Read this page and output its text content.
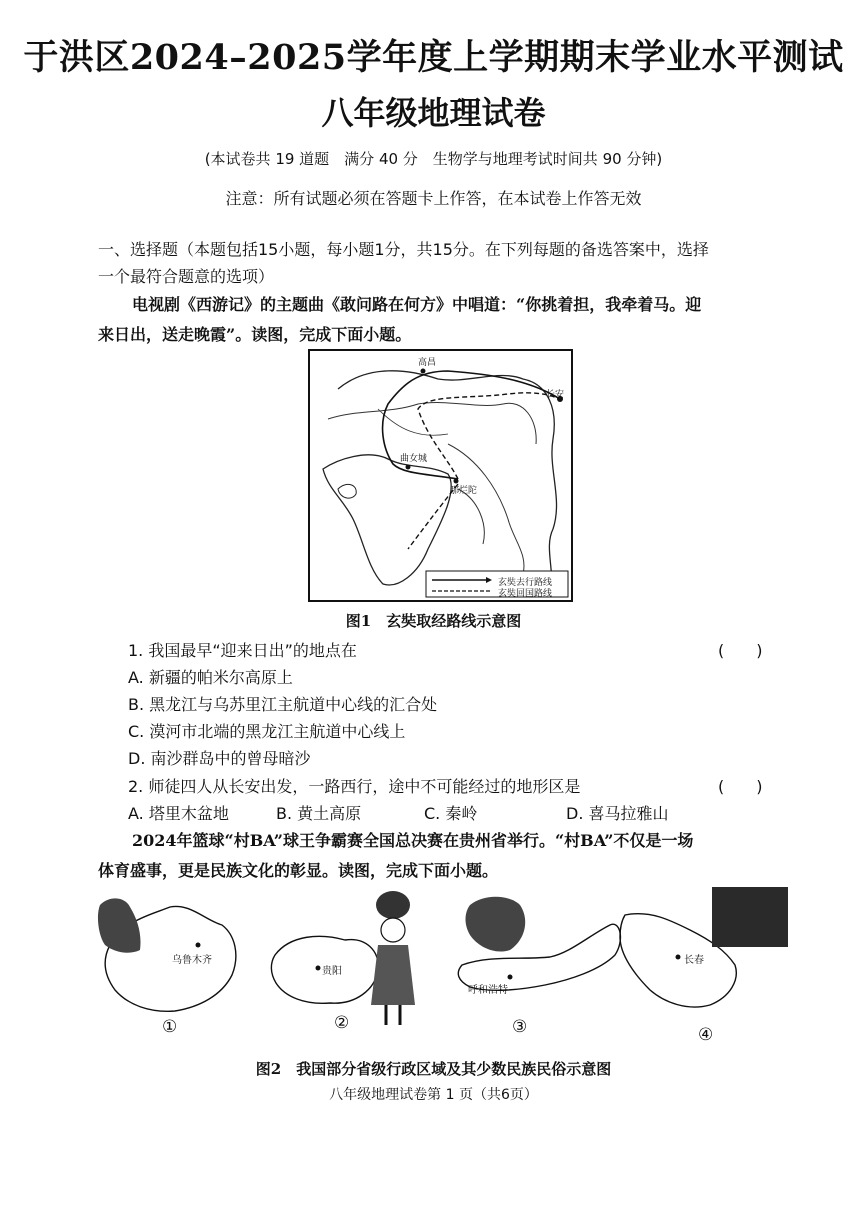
于洪区2024–2025学年度上学期期末学业水平测试
八年级地理试卷
(本试卷共 19 道题　满分 40 分　生物学与地理考试时间共 90 分钟)
注意：所有试题必须在答题卡上作答，在本试卷上作答无效
一、选择题（本题包括15小题，每小题1分，共15分。在下列每题的备选答案中，选择
一个最符合题意的选项）
电视剧《西游记》的主题曲《敢问路在何方》中唱道：“你挑着担，我牵着马。迎
来日出，送走晚霞”。读图，完成下面小题。
高昌
长安
曲女城
那烂陀
玄奘去行路线
玄奘回国路线
图1　玄奘取经路线示意图
1. 我国最早“迎来日出”的地点在	(　　)
A. 新疆的帕米尔高原上
B. 黑龙江与乌苏里江主航道中心线的汇合处
C. 漠河市北端的黑龙江主航道中心线上
D. 南沙群岛中的曾母暗沙
2. 师徒四人从长安出发，一路西行，途中不可能经过的地形区是	(　　)
A. 塔里木盆地	B. 黄土高原	C. 秦岭	D. 喜马拉雅山
2024年篮球“村BA”球王争霸赛全国总决赛在贵州省举行。“村BA”不仅是一场
体育盛事，更是民族文化的彰显。读图，完成下面小题。
乌鲁木齐
贵阳
呼和浩特
长春
①	②	③	④
图2　我国部分省级行政区域及其少数民族民俗示意图
八年级地理试卷第 1 页（共6页）
